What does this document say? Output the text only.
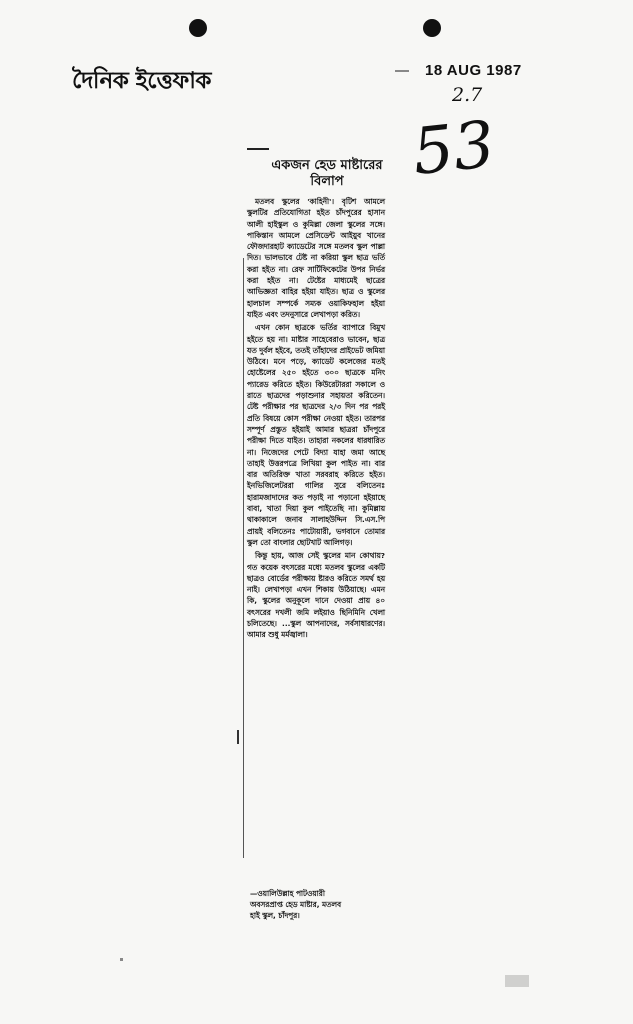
দৈনিক ইত্তেফাক	18 AUG 1987
2.7
53
একজন হেড মাষ্টারের
বিলাপ

মতলব স্কুলের 'কাহিনী'। বৃটিশ আমলে স্কুলটির প্রতিযোগিতা হইত চাঁদপুরের হাসান আলী হাইস্কুল ও কুমিল্লা জেলা স্কুলের সঙ্গে। পাকিস্তান আমলে প্রেসিডেন্ট আইয়ুব খানের ফৌজদারহাট ক্যাডেটের সঙ্গে মতলব স্কুল পাল্লা দিত। ভালভাবে টেষ্ট না করিয়া স্কুল ছাত্র ভর্তি করা হইত না। রেফ সার্টিফিকেটের উপর নির্ভর করা হইত না। টেষ্টের মাধ্যমেই ছাত্রের আভিজ্ঞতা বাহির হইয়া যাইত। ছাত্র ও স্কুলের হালচাল সম্পর্কে সম্যক ওয়াকিফহাল হইয়া যাইত এবং তদনুসারে লেখাপড়া করিত।

এখন কোন ছাত্রকে ভর্তির ব্যাপারে বিমুখ হইতে হয় না। মাষ্টার সাহেবেরাও ভাবেন, ছাত্র যত দুর্বল হইবে, ততই তাঁহাদের প্রাইভেট জমিয়া উঠিবে। মনে পড়ে, ক্যাডেট কলেজের মতই হোষ্টেলের ২৫০ হইতে ৩০০ ছাত্রকে মনিং প্যারেড করিতে হইত। কিউরেটাররা সকালে ও রাতে ছাত্রদের পড়াশুনার সহায়তা করিতেন। টেষ্ট পরীক্ষার পর ছাত্রদের ২/৩ দিন পর পরই প্রতি বিষয়ে কোস পরীক্ষা নেওয়া হইত। তারপর সম্পূর্ণ প্রস্তুত হইয়াই আমার ছাত্ররা চাঁদপুরে পরীক্ষা দিতে যাইত। তাহারা নকলের ধারধারিত না। নিজেদের পেটে বিদ্যা যাহা জমা আছে তাহাই উত্তরপত্রে লিখিয়া কুল পাইত না। বার বার অতিরিক্ত খাতা সরবরাহ করিতে হইত। ইনভিজিলেটররা গালির সুরে বলিতেনঃ হারামজাদাদের কত পড়াই না পড়ানো হইয়াছে বাবা, খাতা দিয়া কুল পাইতেছি না। কুমিল্লায় থাকাকালে জনাব সালাহউদ্দিন সি.এস.পি প্রায়ই বলিতেনঃ পাটোয়ারী, ভগবানে তোমার স্কুল তো বাংলার ছোটখাট আলিগড়।

কিন্তু হায়, আজ সেই স্কুলের মান কোথায়? গত কয়েক বৎসরের মধ্যে মতলব স্কুলের একটি ছাত্রও বোর্ডের পরীক্ষায় ষ্টারও করিতে সমর্থ হয় নাই। লেখাপড়া এখন শিকায় উঠিয়াছে। এমন কি, স্কুলের অনুকূলে দানে দেওয়া প্রায় ৪০ বৎসরের দখলী জমি লইয়াও ছিনিমিনি খেলা চলিতেছে। ...স্কুল আপনাদের, সর্বসাধারণের। আমার শুধু মর্মজ্বালা।

—ওয়ালিউল্লাহ পাটওয়ারী
অবসরপ্রাপ্ত হেড মাষ্টার, মতলব
হাই স্কুল, চাঁদপুর।
